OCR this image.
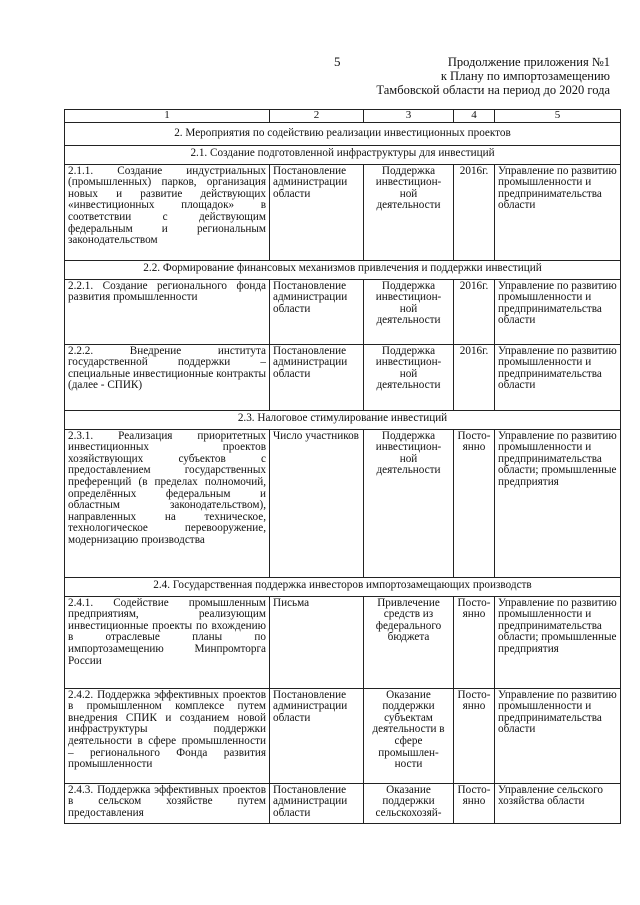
5	Продолжение приложения №1
к Плану по импортозамещению
Тамбовской области на период до 2020 года
1	2	3	4	5
2. Мероприятия по содействию реализации инвестиционных проектов				
2.1. Создание подготовленной инфраструктуры для инвестиций				
2.1.1. Создание индустриальных (промышленных) парков, организация новых и развитие действующих «инвестиционных площадок» в соответствии с действующим федеральным и региональным законодательством	Постановление администрации области	Поддержка инвестицион-ной деятельности	2016г.	Управление по развитию промышленности и предпринимательства области
2.2. Формирование финансовых механизмов привлечения и поддержки инвестиций				
2.2.1. Создание регионального фонда развития промышленности	Постановление администрации области	Поддержка инвестицион-ной деятельности	2016г.	Управление по развитию промышленности и предпринимательства области
2.2.2. Внедрение института государственной поддержки – специальные инвестиционные контракты (далее - СПИК)	Постановление администрации области	Поддержка инвестицион-ной деятельности	2016г.	Управление по развитию промышленности и предпринимательства области
2.3. Налоговое стимулирование инвестиций				
2.3.1. Реализация приоритетных инвестиционных проектов хозяйствующих субъектов с предоставлением государственных преференций (в пределах полномочий, определённых федеральным и областным законодательством), направленных на техническое, технологическое перевооружение, модернизацию производства	Число участников	Поддержка инвестицион-ной деятельности	Посто-янно	Управление по развитию промышленности и предпринимательства области; промышленные предприятия
2.4. Государственная поддержка инвесторов импортозамещающих производств				
2.4.1. Содействие промышленным предприятиям, реализующим инвестиционные проекты по вхождению в отраслевые планы по импортозамещению Минпромторга России	Письма	Привлечение средств из федерального бюджета	Посто-янно	Управление по развитию промышленности и предпринимательства области; промышленные предприятия
2.4.2. Поддержка эффективных проектов в промышленном комплексе путем внедрения СПИК и созданием новой инфраструктуры поддержки деятельности в сфере промышленности – регионального Фонда развития промышленности	Постановление администрации области	Оказание поддержки субъектам деятельности в сфере промышлен-ности	Посто-янно	Управление по развитию промышленности и предпринимательства области
2.4.3. Поддержка эффективных проектов в сельском хозяйстве путем предоставления	Постановление администрации области	Оказание поддержки сельскохозяй-	Посто-янно	Управление сельского хозяйства области
